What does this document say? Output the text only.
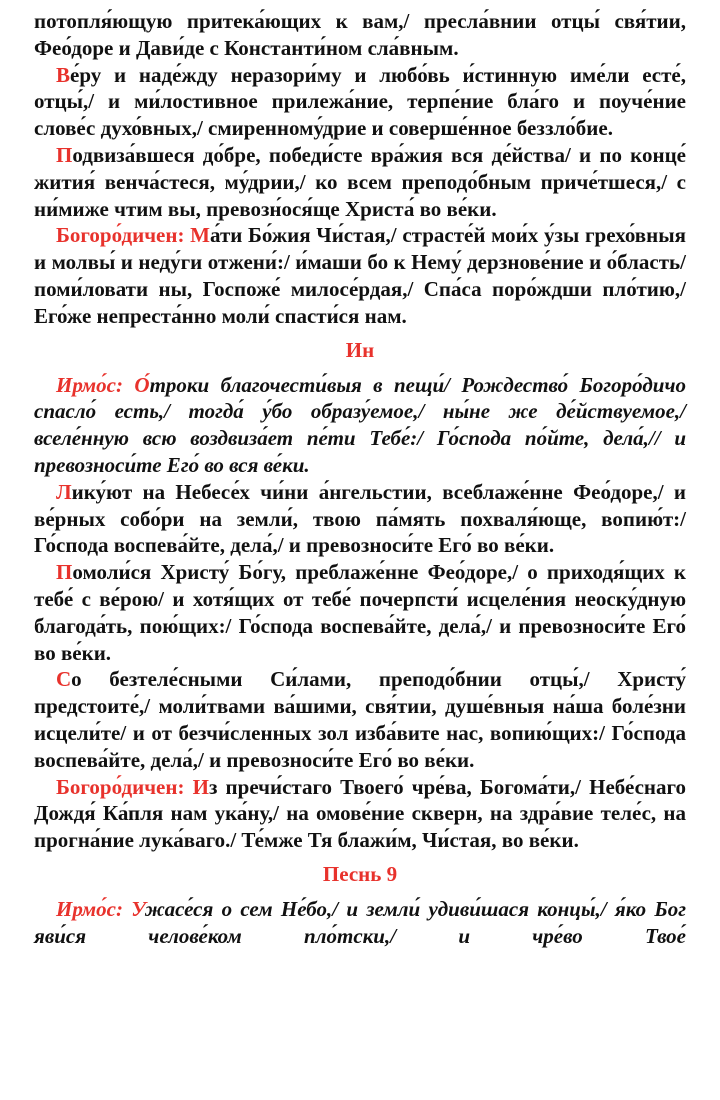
потопля́ющую притека́ющих к вам,/ пресла́внии отцы́ свя́тии, Фео́доре и Дави́де с Константи́ном сла́вным.

Ве́ру и наде́жду неразори́му и любо́вь и́стинную име́ли есте́, отцы́,/ и ми́лостивное прилежа́ние, терпе́ние бла́го и поуче́ние слове́с духо́вных,/ смиренному́дрие и соверше́нное беззло́бие.

Подвиза́вшеся до́бре, победи́сте вра́жия вся де́йства/ и по конце́ жития́ венча́стеся, му́дрии,/ ко всем преподо́бным приче́тшеся,/ с ни́миже чтим вы, превозн́ося́ще Христа́ во ве́ки.

Богоро́дичен: Ма́ти Бо́жия Чи́стая,/ страсте́й мои́х у́зы грехо́вныя и молвы́ и неду́ги отжени́:/ и́маши бо к Нему́ дерзнове́ние и о́бласть/ поми́ловати ны, Госпоже́ милосе́рдая,/ Спа́са поро́ждши пло́тию,/ Его́же непреста́нно моли́ спасти́ся нам.

Ин

Ирмо́с: О́троки благочести́выя в пещи́/ Рождество́ Богоро́дичо спасло́ есть,/ тогда́ у́бо образу́емое,/ ны́не же де́йствуемое,/ вселе́нную всю воздвиза́ет пе́ти Тебе́:/ Го́спода по́йте, дела́,// и превозноси́те Его́ во вся ве́ки.

Лику́ют на Небесе́х чи́ни а́нгельстии, всеблаже́нне Фео́доре,/ и ве́рных собо́ри на земли́, твою па́мять похваля́юще, вопию́т:/ Го́спода воспева́йте, дела́,/ и превозноси́те Его́ во ве́ки.

Помоли́ся Христу́ Бо́гу, преблаже́нне Фео́доре,/ о приходя́щих к тебе́ с ве́рою/ и хотя́щих от тебе́ почерпсти́ исцеле́ния неоску́дную благода́ть, пою́щих:/ Го́спода воспева́йте, дела́,/ и превозноси́те Его́ во ве́ки.

Со безтеле́сными Си́лами, преподо́бнии отцы́,/ Христу́ предстоите́,/ моли́твами ва́шими, свя́тии, душе́вныя на́ша боле́зни исцели́те/ и от безчи́сленных зол изба́вите нас, вопию́щих:/ Го́спода воспева́йте, дела́,/ и превозноси́те Его́ во ве́ки.

Богоро́дичен: Из пречи́стаго Твоего́ чре́ва, Богома́ти,/ Небе́снаго Дождя́ Ка́пля нам ука́ну,/ на омове́ние скверн, на здра́вие теле́с, на прогна́ние лука́ваго./ Те́мже Тя блажи́м, Чи́стая, во ве́ки.

Песнь 9

Ирмо́с: Ужасе́ся о сем Не́бо,/ и земли́ удиви́шася концы́,/ я́ко Бог яви́ся челове́ком пло́тски,/ и чре́во Твое́
